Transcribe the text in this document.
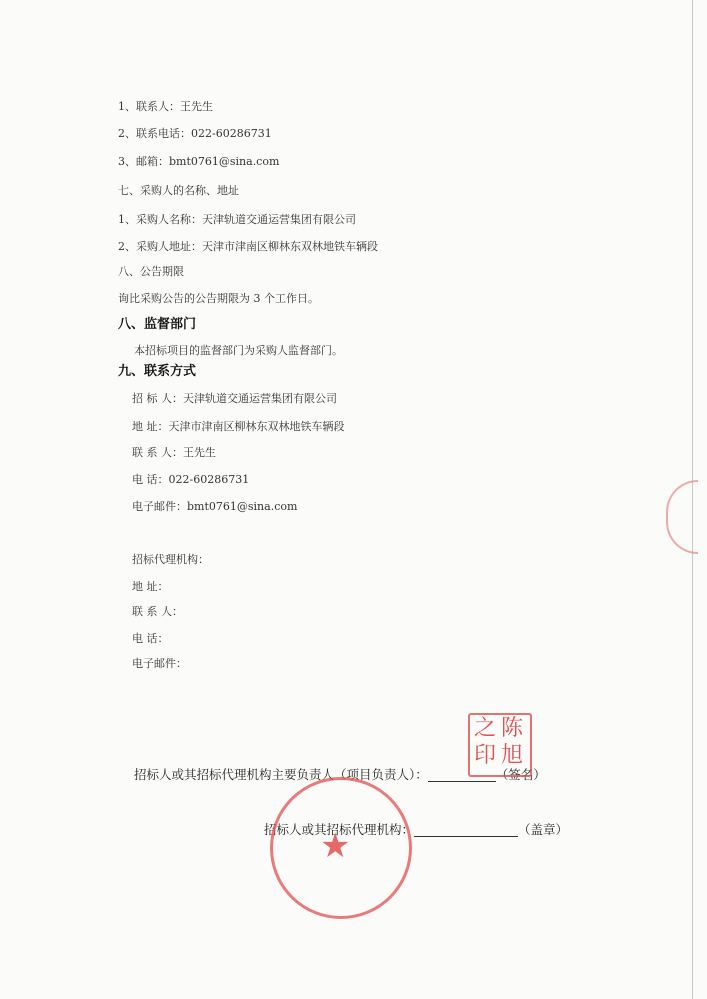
1、联系人：王先生
2、联系电话：022-60286731
3、邮箱：bmt0761@sina.com
七、采购人的名称、地址
1、采购人名称：天津轨道交通运营集团有限公司
2、采购人地址：天津市津南区柳林东双林地铁车辆段
八、公告期限
询比采购公告的公告期限为 3 个工作日。
八、监督部门
本招标项目的监督部门为采购人监督部门。
九、联系方式
招 标 人：天津轨道交通运营集团有限公司
地 址：天津市津南区柳林东双林地铁车辆段
联 系 人：王先生
电 话：022-60286731
电子邮件：bmt0761@sina.com
招标代理机构：
地 址：
联 系 人：
电 话：
电子邮件：
招标人或其招标代理机构主要负责人（项目负责人）：	（签名）
招标人或其招标代理机构：	（盖章）
陈
旭
之
印
★
